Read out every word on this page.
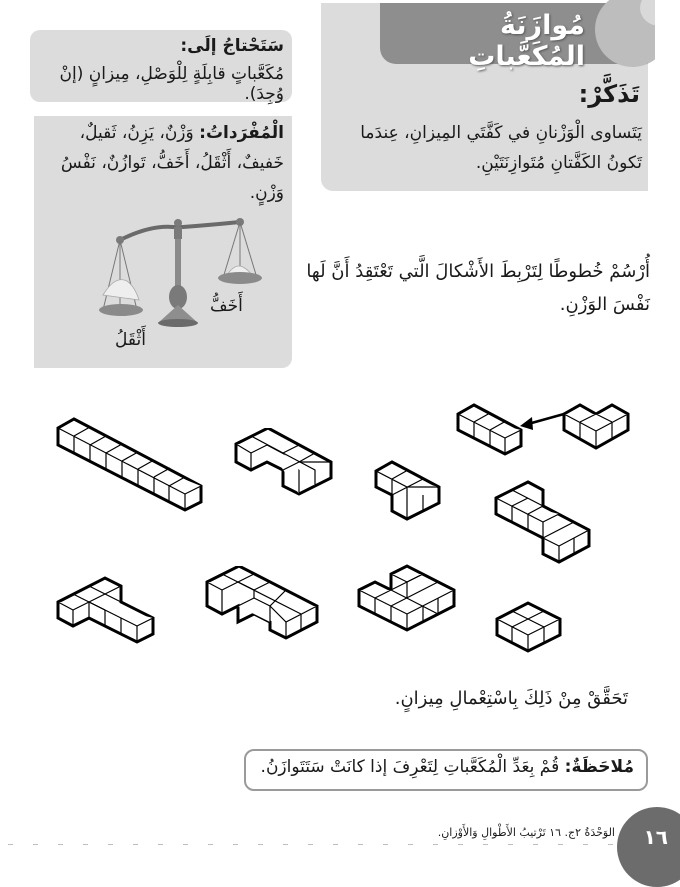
مُوازَنَةُ المُكَعَّباتِ
تَذَكَّرْ:
يَتَساوى الْوَزْنانِ في كَفَّتَي المِيزانِ، عِندَما تَكونُ الكَفَّتانِ مُتَوازِنَتَيْنِ.
سَتَحْتاجُ إلَى:
مُكَعَّباتٍ قابِلَةٍ لِلْوَصْلِ، مِيزانٍ (إنْ وُجِدَ).
الْمُفْرَداتُ: وَزْنٌ، يَزِنُ، ثَقيلٌ، خَفيفٌ، أَثْقَلُ، أَخَفُّ، تَوازُنٌ، نَفْسُ وَزْنٍ.
أَخَفُّ
أَثْقَلُ
أُرْسُمْ خُطوطًا لِتَرْبِطَ الأَشْكالَ الَّتي تَعْتَقِدُ أَنَّ لَها نَفْسَ الوَزْنِ.
تَحَقَّقْ مِنْ ذَلِكَ بِاسْتِعْمالِ مِيزانٍ.
مُلاحَظَةٌ: قُمْ بِعَدِّ الْمُكَعَّباتِ لِتَعْرِفَ إذا كانَتْ سَتَتَوازَنُ.
١٦
الوَحْدَةُ ٢ج. ١٦ تَرْتيبُ الأَطْوالِ وَالأَوْزانِ.
